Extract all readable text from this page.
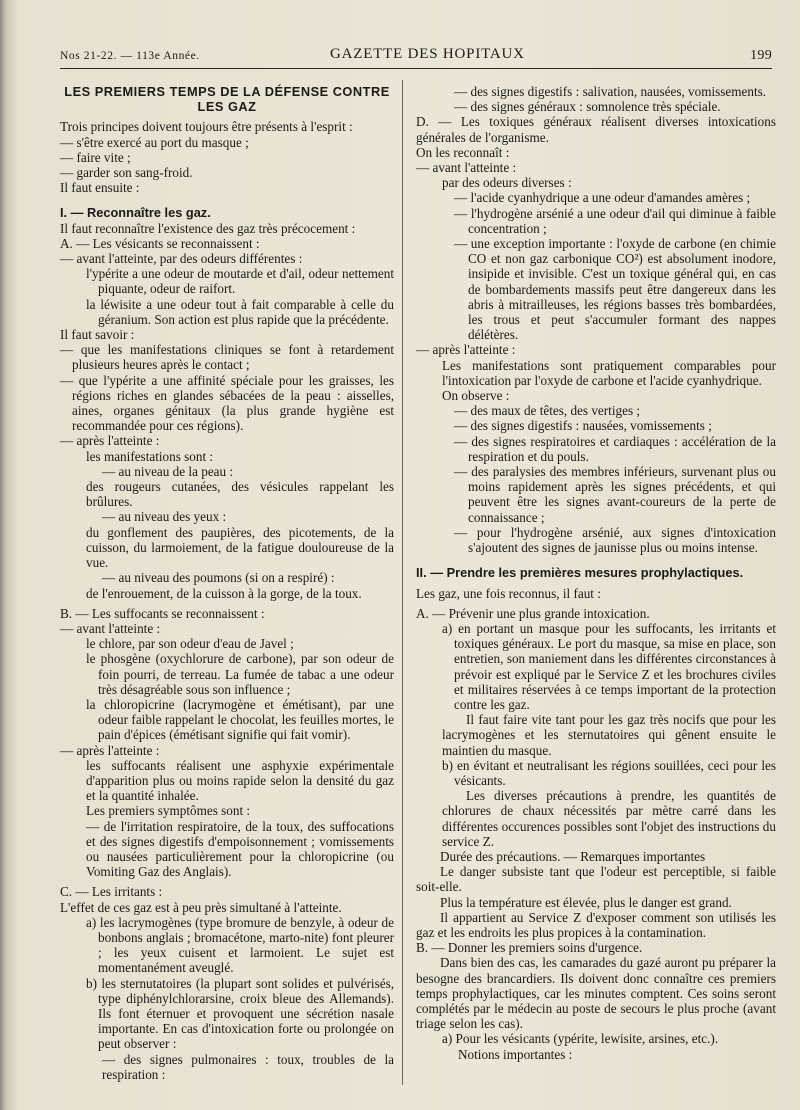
Nos 21-22. — 113e Année.	GAZETTE DES HOPITAUX	199

LES PREMIERS TEMPS DE LA DÉFENSE CONTRE LES GAZ

Trois principes doivent toujours être présents à l'esprit :

— s'être exercé au port du masque ;

— faire vite ;

— garder son sang-froid.

Il faut ensuite :

I. — Reconnaître les gaz.

Il faut reconnaître l'existence des gaz très précocement :

A. — Les vésicants se reconnaissent :

— avant l'atteinte, par des odeurs différentes :

l'ypérite a une odeur de moutarde et d'ail, odeur nettement piquante, odeur de raifort.

la léwisite a une odeur tout à fait comparable à celle du géranium. Son action est plus rapide que la précédente.

Il faut savoir :

— que les manifestations cliniques se font à retardement plusieurs heures après le contact ;

— que l'ypérite a une affinité spéciale pour les graisses, les régions riches en glandes sébacées de la peau : aisselles, aines, organes génitaux (la plus grande hygiène est recommandée pour ces régions).

— après l'atteinte :

les manifestations sont :

— au niveau de la peau :

des rougeurs cutanées, des vésicules rappelant les brûlures.

— au niveau des yeux :

du gonflement des paupières, des picotements, de la cuisson, du larmoiement, de la fatigue douloureuse de la vue.

— au niveau des poumons (si on a respiré) :

de l'enrouement, de la cuisson à la gorge, de la toux.

B. — Les suffocants se reconnaissent :

— avant l'atteinte :

le chlore, par son odeur d'eau de Javel ;

le phosgène (oxychlorure de carbone), par son odeur de foin pourri, de terreau. La fumée de tabac a une odeur très désagréable sous son influence ;

la chloropicrine (lacrymogène et émétisant), par une odeur faible rappelant le chocolat, les feuilles mortes, le pain d'épices (émétisant signifie qui fait vomir).

— après l'atteinte :

les suffocants réalisent une asphyxie expérimentale d'apparition plus ou moins rapide selon la densité du gaz et la quantité inhalée.

Les premiers symptômes sont :

— de l'irritation respiratoire, de la toux, des suffocations et des signes digestifs d'empoisonnement ; vomissements ou nausées particulièrement pour la chloropicrine (ou Vomiting Gaz des Anglais).

C. — Les irritants :

L'effet de ces gaz est à peu près simultané à l'atteinte.

a) les lacrymogènes (type bromure de benzyle, à odeur de bonbons anglais ; bromacétone, marto-nite) font pleurer ; les yeux cuisent et larmoient. Le sujet est momentanément aveuglé.

b) les sternutatoires (la plupart sont solides et pulvérisés, type diphénylchlorarsine, croix bleue des Allemands). Ils font éternuer et provoquent une sécrétion nasale importante. En cas d'intoxication forte ou prolongée on peut observer :

— des signes pulmonaires : toux, troubles de la respiration :

— des signes digestifs : salivation, nausées, vomissements.

— des signes généraux : somnolence très spéciale.

D. — Les toxiques généraux réalisent diverses intoxications générales de l'organisme.

On les reconnaît :

— avant l'atteinte :

par des odeurs diverses :

— l'acide cyanhydrique a une odeur d'amandes amères ;

— l'hydrogène arsénié a une odeur d'ail qui diminue à faible concentration ;

— une exception importante : l'oxyde de carbone (en chimie CO et non gaz carbonique CO²) est absolument inodore, insipide et invisible. C'est un toxique général qui, en cas de bombardements massifs peut être dangereux dans les abris à mitrailleuses, les régions basses très bombardées, les trous et peut s'accumuler formant des nappes délétères.

— après l'atteinte :

Les manifestations sont pratiquement comparables pour l'intoxication par l'oxyde de carbone et l'acide cyanhydrique.

On observe :

— des maux de têtes, des vertiges ;

— des signes digestifs : nausées, vomissements ;

— des signes respiratoires et cardiaques : accélération de la respiration et du pouls.

— des paralysies des membres inférieurs, survenant plus ou moins rapidement après les signes précédents, et qui peuvent être les signes avant-coureurs de la perte de connaissance ;

— pour l'hydrogène arsénié, aux signes d'intoxication s'ajoutent des signes de jaunisse plus ou moins intense.

II. — Prendre les premières mesures prophylactiques.

Les gaz, une fois reconnus, il faut :

A. — Prévenir une plus grande intoxication.

a) en portant un masque pour les suffocants, les irritants et toxiques généraux. Le port du masque, sa mise en place, son entretien, son maniement dans les différentes circonstances à prévoir est expliqué par le Service Z et les brochures civiles et militaires réservées à ce temps important de la protection contre les gaz.

Il faut faire vite tant pour les gaz très nocifs que pour les lacrymogènes et les sternutatoires qui gênent ensuite le maintien du masque.

b) en évitant et neutralisant les régions souillées, ceci pour les vésicants.

Les diverses précautions à prendre, les quantités de chlorures de chaux nécessités par mètre carré dans les différentes occurences possibles sont l'objet des instructions du service Z.

Durée des précautions. — Remarques importantes

Le danger subsiste tant que l'odeur est perceptible, si faible soit-elle.

Plus la température est élevée, plus le danger est grand.

Il appartient au Service Z d'exposer comment son utilisés les gaz et les endroits les plus propices à la contamination.

B. — Donner les premiers soins d'urgence.

Dans bien des cas, les camarades du gazé auront pu préparer la besogne des brancardiers. Ils doivent donc connaître ces premiers temps prophylactiques, car les minutes comptent. Ces soins seront complétés par le médecin au poste de secours le plus proche (avant triage selon les cas).

a) Pour les vésicants (ypérite, lewisite, arsines, etc.).

Notions importantes :
